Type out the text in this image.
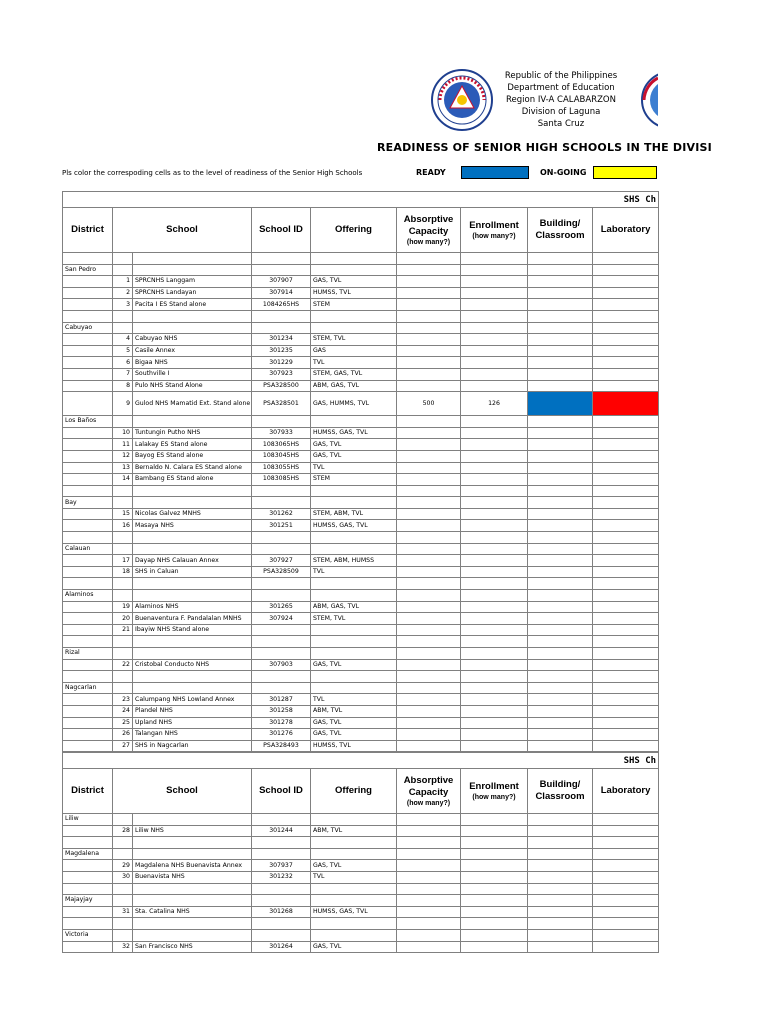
Republic of the Philippines
Department of Education
Region IV-A CALABARZON
Division of Laguna
Santa Cruz
READINESS OF SENIOR HIGH SCHOOLS IN THE DIVISI
Pls color the correspoding cells as to the level of readiness of the Senior High Schools	READY	ON-GOING
SHS Ch								
District	School		School ID	Offering	Absorptive Capacity
(how many?)	Enrollment
(how many?)	Building/ Classroom	Laboratory

San Pedro								
	1	SPRCNHS Langgam	307907	GAS, TVL				
	2	SPRCNHS Landayan	307914	HUMSS, TVL				
	3	Pacita I ES Stand alone	1084265HS	STEM				

Cabuyao								
	4	Cabuyao NHS	301234	STEM, TVL				
	5	Casile Annex	301235	GAS				
	6	Bigaa NHS	301229	TVL				
	7	Southville I	307923	STEM, GAS, TVL				
	8	Pulo NHS Stand Alone	PSA328500	ABM, GAS, TVL				
	9	Gulod NHS Mamatid Ext. Stand alone	PSA328501	GAS, HUMMS, TVL	500	126		
Los Baños								
	10	Tuntungin Putho NHS	307933	HUMSS, GAS, TVL				
	11	Lalakay ES Stand alone	1083065HS	GAS, TVL				
	12	Bayog ES Stand alone	1083045HS	GAS, TVL				
	13	Bernaldo N. Calara ES Stand alone	1083055HS	TVL				
	14	Bambang ES Stand alone	1083085HS	STEM				

Bay								
	15	Nicolas Galvez MNHS	301262	STEM, ABM, TVL				
	16	Masaya NHS	301251	HUMSS, GAS, TVL				

Calauan								
	17	Dayap NHS Calauan Annex	307927	STEM, ABM, HUMSS				
	18	SHS in Caluan	PSA328509	TVL				

Alaminos								
	19	Alaminos NHS	301265	ABM, GAS, TVL				
	20	Buenaventura F. Pandalalan MNHS	307924	STEM, TVL				
	21	Ibayiw NHS Stand alone						

Rizal								
	22	Cristobal Conducto NHS	307903	GAS, TVL				

Nagcarlan								
	23	Calumpang NHS Lowland Annex	301287	TVL				
	24	Plandel NHS	301258	ABM, TVL				
	25	Upland NHS	301278	GAS, TVL				
	26	Talangan NHS	301276	GAS, TVL				
	27	SHS in Nagcarlan	PSA328493	HUMSS, TVL				
SHS Ch								
District	School		School ID	Offering	Absorptive Capacity
(how many?)	Enrollment
(how many?)	Building/ Classroom	Laboratory
Liliw								
	28	Liliw NHS	301244	ABM, TVL				

Magdalena								
	29	Magdalena NHS Buenavista Annex	307937	GAS, TVL				
	30	Buenavista NHS	301232	TVL				

Majayjay								
	31	Sta. Catalina NHS	301268	HUMSS, GAS, TVL				

Victoria								
	32	San Francisco NHS	301264	GAS, TVL				
